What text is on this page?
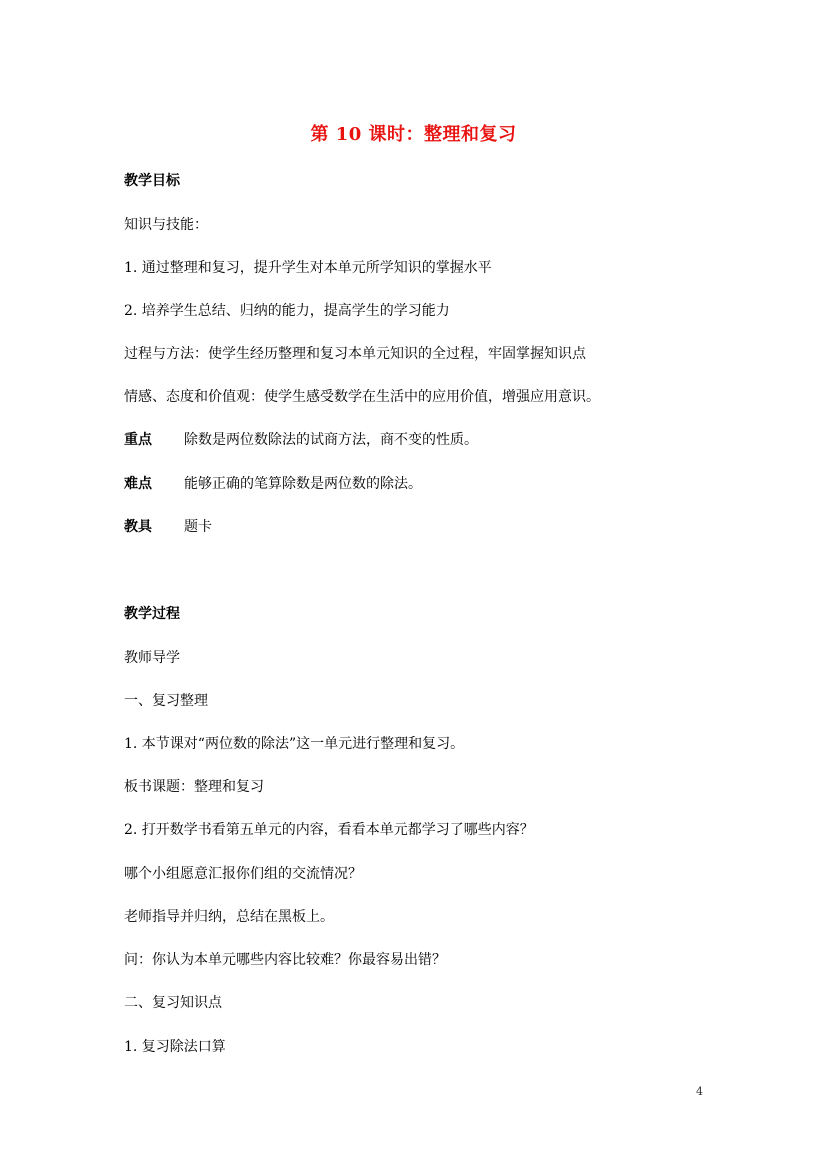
第 10 课时：整理和复习
教学目标
知识与技能：
1. 通过整理和复习，提升学生对本单元所学知识的掌握水平
2. 培养学生总结、归纳的能力，提高学生的学习能力
过程与方法：使学生经历整理和复习本单元知识的全过程，牢固掌握知识点
情感、态度和价值观：使学生感受数学在生活中的应用价值，增强应用意识。
重点 除数是两位数除法的试商方法，商不变的性质。
难点 能够正确的笔算除数是两位数的除法。
教具 题卡
教学过程
教师导学
一、复习整理
1. 本节课对“两位数的除法”这一单元进行整理和复习。
板书课题：整理和复习
2. 打开数学书看第五单元的内容，看看本单元都学习了哪些内容？
哪个小组愿意汇报你们组的交流情况？
老师指导并归纳，总结在黑板上。
问：你认为本单元哪些内容比较难？你最容易出错？
二、复习知识点
1. 复习除法口算
4
